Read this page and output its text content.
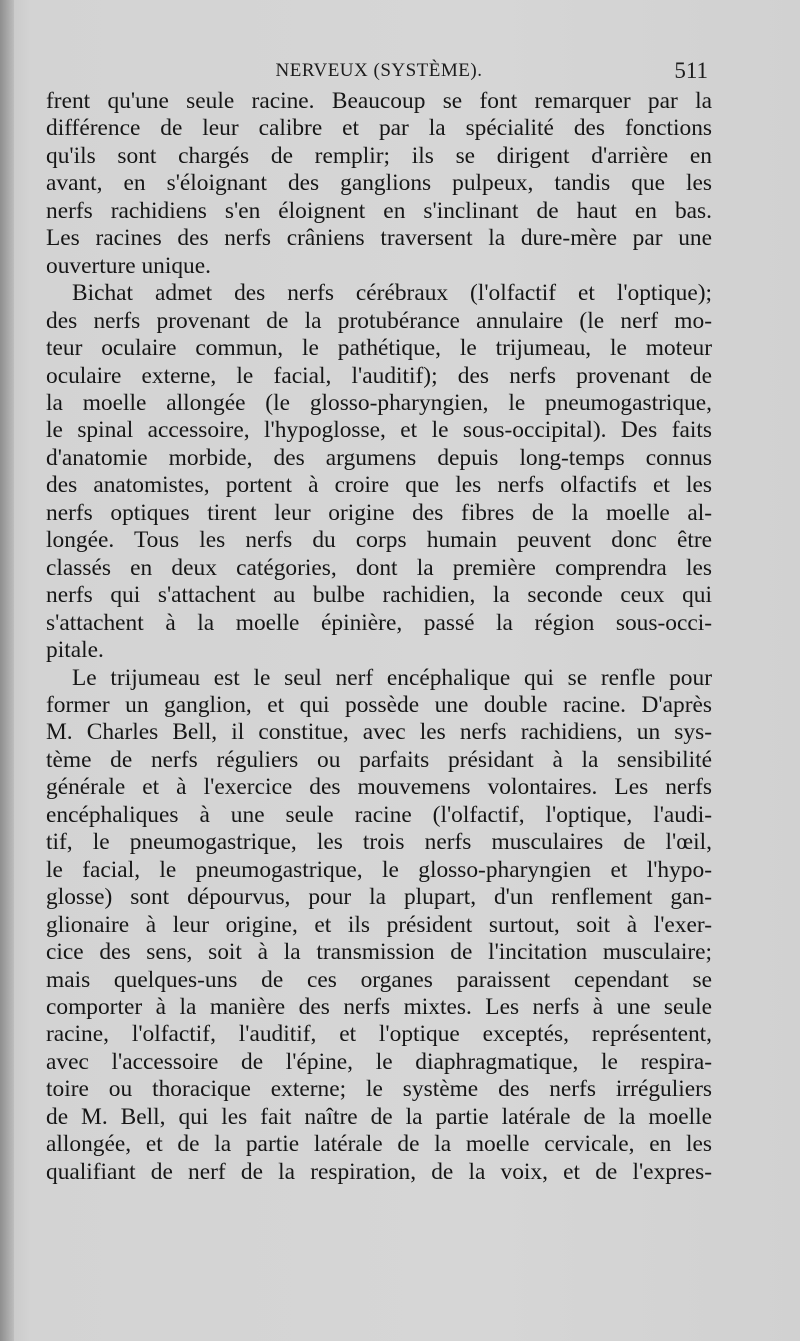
NERVEUX (SYSTÈME).	511

frent qu'une seule racine. Beaucoup se font remarquer par la
différence de leur calibre et par la spécialité des fonctions
qu'ils sont chargés de remplir; ils se dirigent d'arrière en
avant, en s'éloignant des ganglions pulpeux, tandis que les
nerfs rachidiens s'en éloignent en s'inclinant de haut en bas.
Les racines des nerfs crâniens traversent la dure-mère par une
ouverture unique.

Bichat admet des nerfs cérébraux (l'olfactif et l'optique);
des nerfs provenant de la protubérance annulaire (le nerf mo-
teur oculaire commun, le pathétique, le trijumeau, le moteur
oculaire externe, le facial, l'auditif); des nerfs provenant de
la moelle allongée (le glosso-pharyngien, le pneumogastrique,
le spinal accessoire, l'hypoglosse, et le sous-occipital). Des faits
d'anatomie morbide, des argumens depuis long-temps connus
des anatomistes, portent à croire que les nerfs olfactifs et les
nerfs optiques tirent leur origine des fibres de la moelle al-
longée. Tous les nerfs du corps humain peuvent donc être
classés en deux catégories, dont la première comprendra les
nerfs qui s'attachent au bulbe rachidien, la seconde ceux qui
s'attachent à la moelle épinière, passé la région sous-occi-
pitale.

Le trijumeau est le seul nerf encéphalique qui se renfle pour
former un ganglion, et qui possède une double racine. D'après
M. Charles Bell, il constitue, avec les nerfs rachidiens, un sys-
tème de nerfs réguliers ou parfaits présidant à la sensibilité
générale et à l'exercice des mouvemens volontaires. Les nerfs
encéphaliques à une seule racine (l'olfactif, l'optique, l'audi-
tif, le pneumogastrique, les trois nerfs musculaires de l'œil,
le facial, le pneumogastrique, le glosso-pharyngien et l'hypo-
glosse) sont dépourvus, pour la plupart, d'un renflement gan-
glionaire à leur origine, et ils président surtout, soit à l'exer-
cice des sens, soit à la transmission de l'incitation musculaire;
mais quelques-uns de ces organes paraissent cependant se
comporter à la manière des nerfs mixtes. Les nerfs à une seule
racine, l'olfactif, l'auditif, et l'optique exceptés, représentent,
avec l'accessoire de l'épine, le diaphragmatique, le respira-
toire ou thoracique externe; le système des nerfs irréguliers
de M. Bell, qui les fait naître de la partie latérale de la moelle
allongée, et de la partie latérale de la moelle cervicale, en les
qualifiant de nerf de la respiration, de la voix, et de l'expres-
